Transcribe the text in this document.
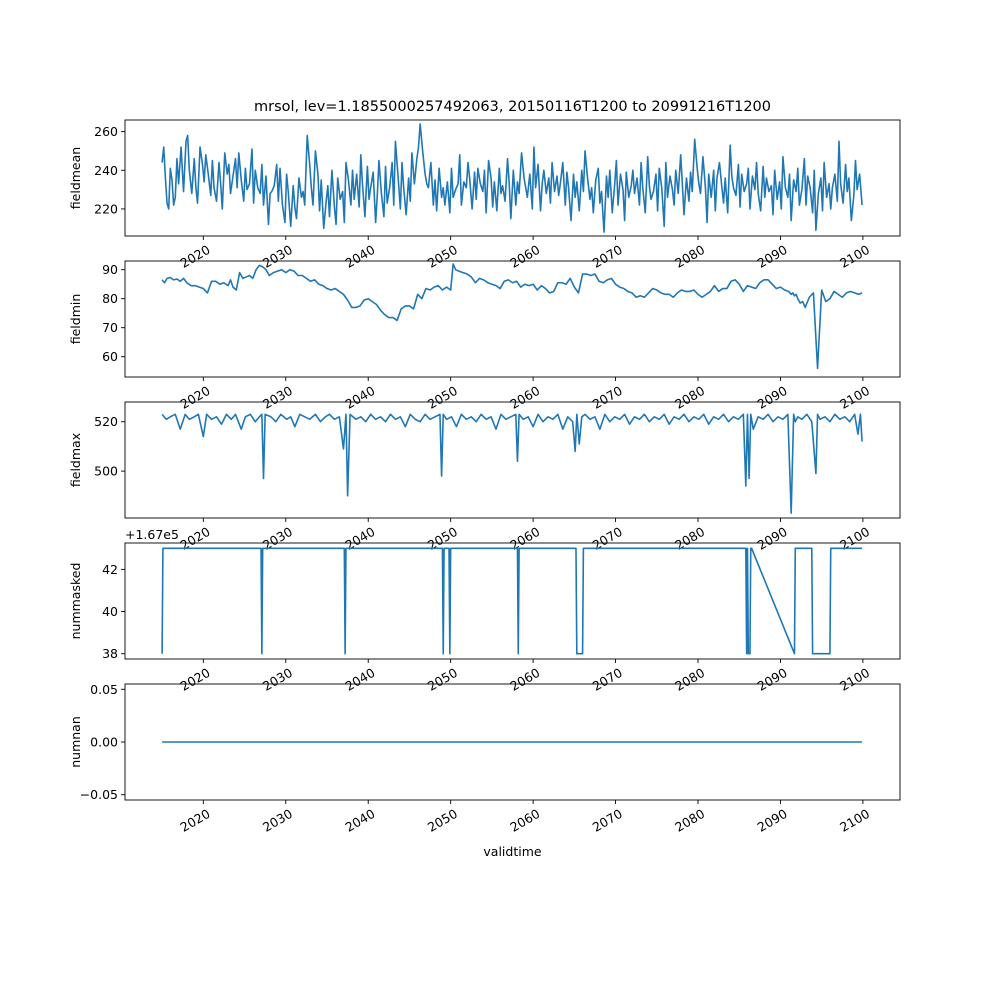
mrsol, lev=1.1855000257492063, 20150116T1200 to 20991216T1200
220
240
260
2020	2030	2040	2050	2060	2070	2080	2090	2100
fieldmean
60
70
80
90
2020	2030	2040	2050	2060	2070	2080	2090	2100
fieldmin
500
520
2020	2030	2040	2050	2060	2070	2080	2090	2100
fieldmax
38
40
42
2020	2030	2040	2050	2060	2070	2080	2090	2100
nummasked
+1.67e5
−0.05
0.00
0.05
2020	2030	2040	2050	2060	2070	2080	2090	2100
numnan
validtime
